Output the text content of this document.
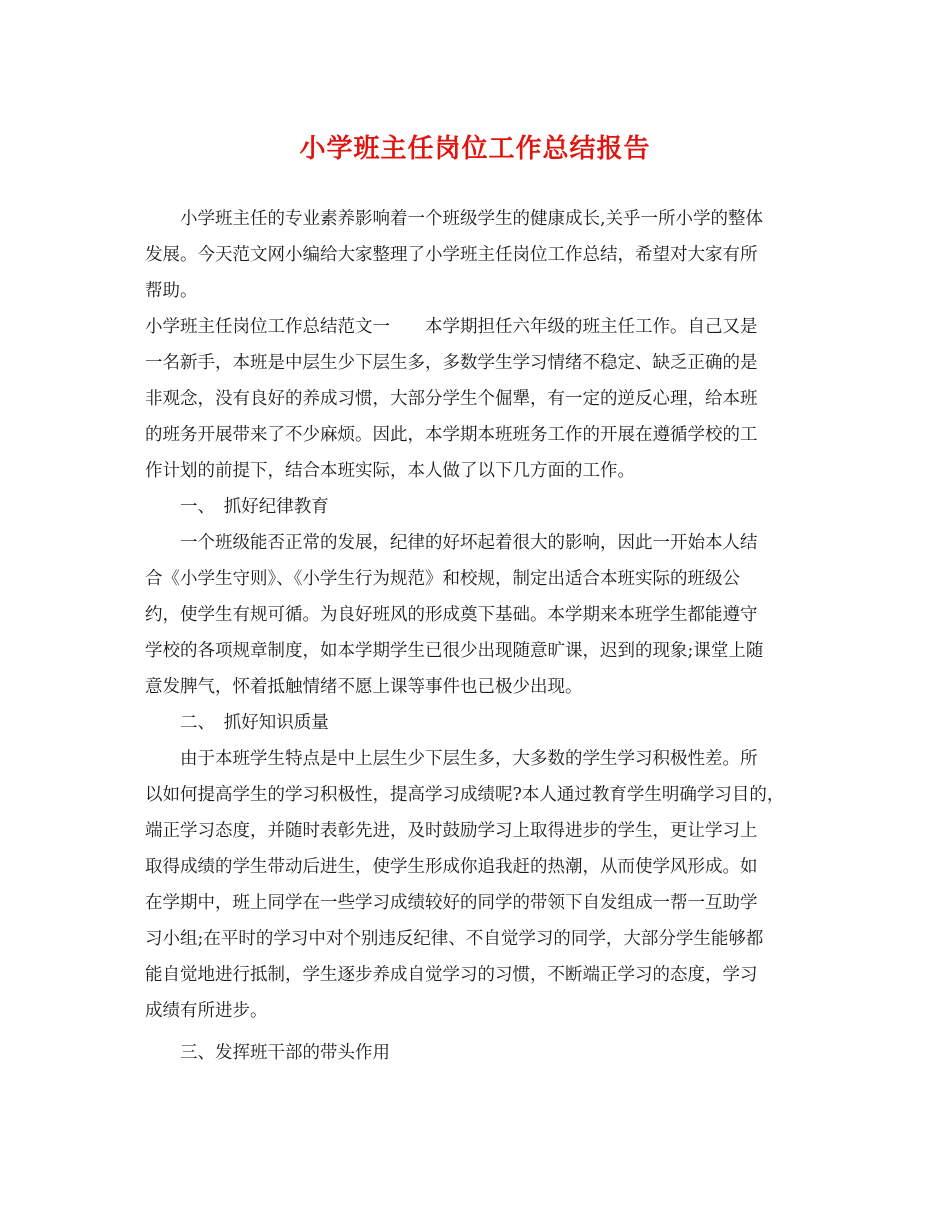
小学班主任岗位工作总结报告
小学班主任的专业素养影响着一个班级学生的健康成长,关乎一所小学的整体
发展。今天范文网小编给大家整理了小学班主任岗位工作总结，希望对大家有所
帮助。
小学班主任岗位工作总结范文一　　本学期担任六年级的班主任工作。自己又是
一名新手，本班是中层生少下层生多，多数学生学习情绪不稳定、缺乏正确的是
非观念，没有良好的养成习惯，大部分学生个倔犟，有一定的逆反心理，给本班
的班务开展带来了不少麻烦。因此，本学期本班班务工作的开展在遵循学校的工
作计划的前提下，结合本班实际，本人做了以下几方面的工作。
一、　抓好纪律教育
一个班级能否正常的发展，纪律的好坏起着很大的影响，因此一开始本人结
合《小学生守则》、《小学生行为规范》和校规，制定出适合本班实际的班级公
约，使学生有规可循。为良好班风的形成奠下基础。本学期来本班学生都能遵守
学校的各项规章制度，如本学期学生已很少出现随意旷课，迟到的现象;课堂上随
意发脾气，怀着抵触情绪不愿上课等事件也已极少出现。
二、　抓好知识质量
由于本班学生特点是中上层生少下层生多，大多数的学生学习积极性差。所
以如何提高学生的学习积极性，提高学习成绩呢?本人通过教育学生明确学习目的，
端正学习态度，并随时表彰先进，及时鼓励学习上取得进步的学生，更让学习上
取得成绩的学生带动后进生，使学生形成你追我赶的热潮，从而使学风形成。如
在学期中，班上同学在一些学习成绩较好的同学的带领下自发组成一帮一互助学
习小组;在平时的学习中对个别违反纪律、不自觉学习的同学，大部分学生能够都
能自觉地进行抵制，学生逐步养成自觉学习的习惯，不断端正学习的态度，学习
成绩有所进步。
三、发挥班干部的带头作用
